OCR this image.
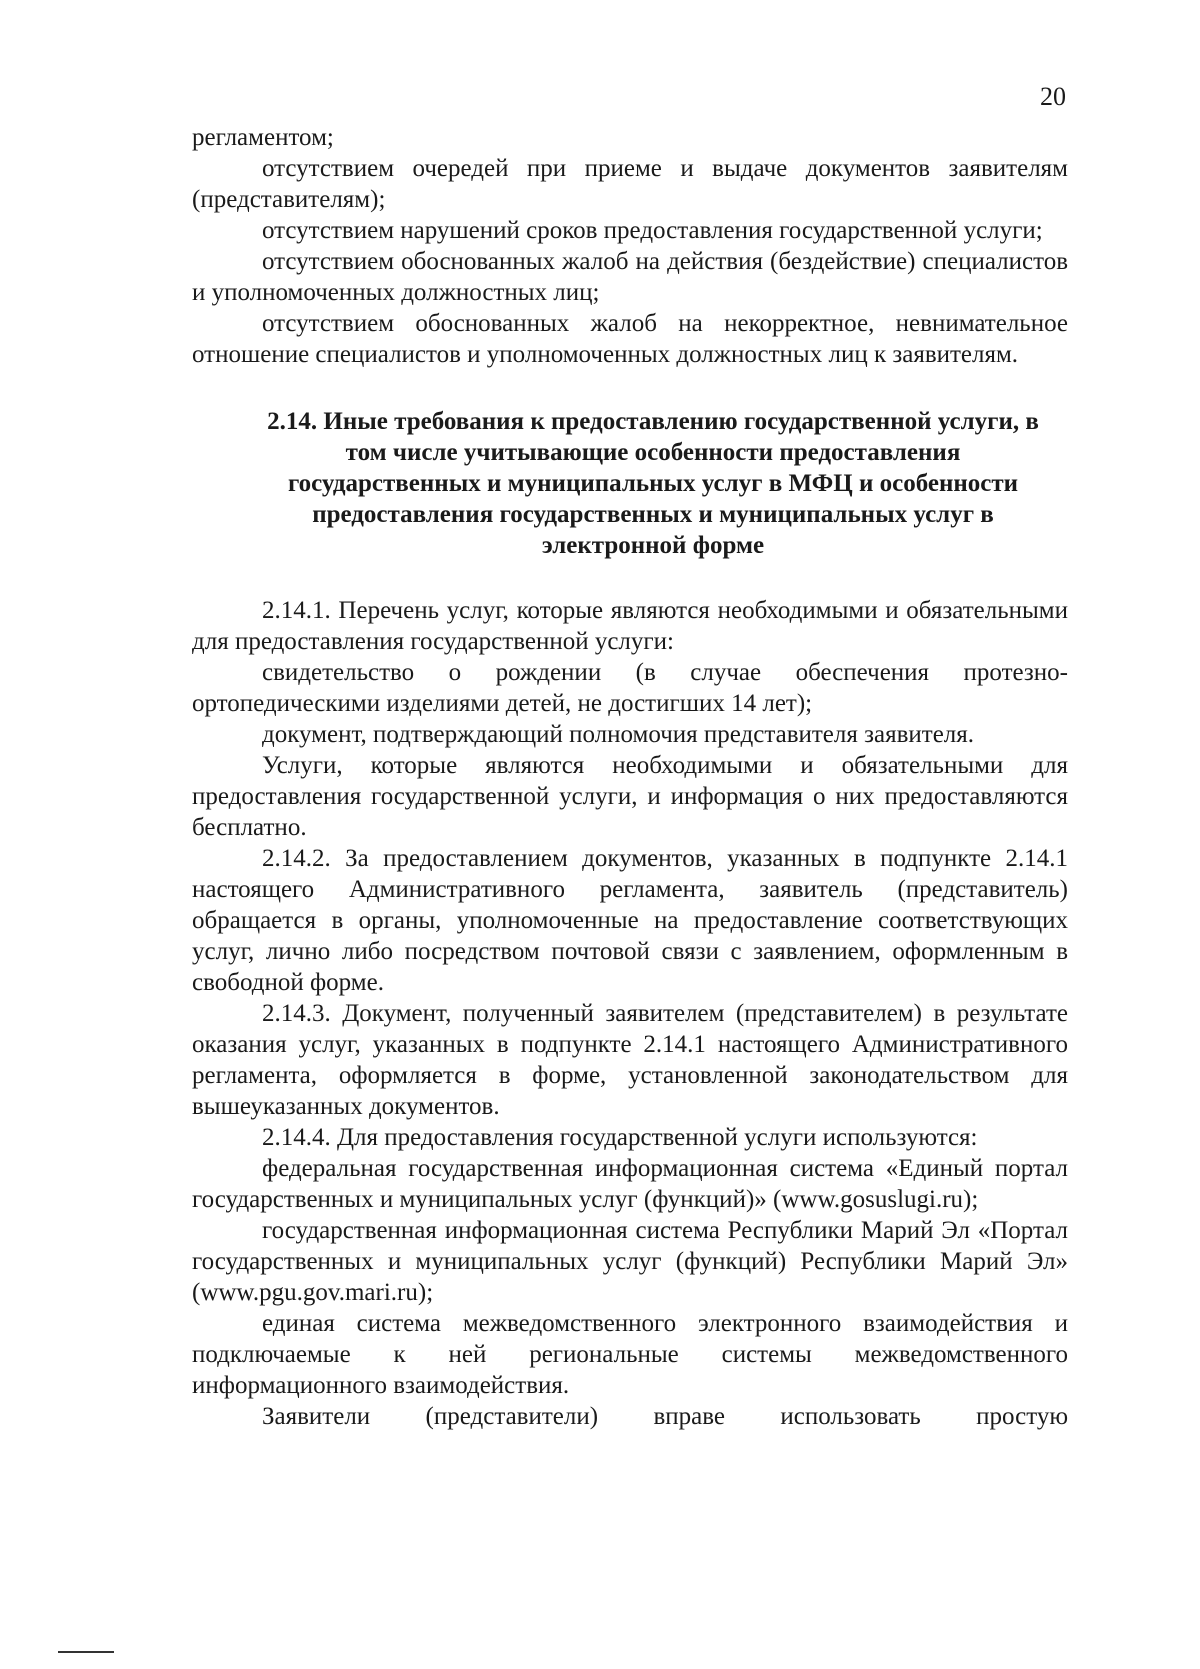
20

регламентом;

отсутствием очередей при приеме и выдаче документов заявителям (представителям);

отсутствием нарушений сроков предоставления государственной услуги;

отсутствием обоснованных жалоб на действия (бездействие) специалистов и уполномоченных должностных лиц;

отсутствием обоснованных жалоб на некорректное, невнимательное отношение специалистов и уполномоченных должностных лиц к заявителям.

2.14. Иные требования к предоставлению государственной услуги, в том числе учитывающие особенности предоставления государственных и муниципальных услуг в МФЦ и особенности предоставления государственных и муниципальных услуг в электронной форме

2.14.1. Перечень услуг, которые являются необходимыми и обязательными для предоставления государственной услуги:

свидетельство о рождении (в случае обеспечения протезно-ортопедическими изделиями детей, не достигших 14 лет);

документ, подтверждающий полномочия представителя заявителя.

Услуги, которые являются необходимыми и обязательными для предоставления государственной услуги, и информация о них предоставляются бесплатно.

2.14.2. За предоставлением документов, указанных в подпункте 2.14.1 настоящего Административного регламента, заявитель (представитель) обращается в органы, уполномоченные на предоставление соответствующих услуг, лично либо посредством почтовой связи с заявлением, оформленным в свободной форме.

2.14.3. Документ, полученный заявителем (представителем) в результате оказания услуг, указанных в подпункте 2.14.1 настоящего Административного регламента, оформляется в форме, установленной законодательством для вышеуказанных документов.

2.14.4. Для предоставления государственной услуги используются:

федеральная государственная информационная система «Единый портал государственных и муниципальных услуг (функций)» (www.gosuslugi.ru);

государственная информационная система Республики Марий Эл «Портал государственных и муниципальных услуг (функций) Республики Марий Эл» (www.pgu.gov.mari.ru);

единая система межведомственного электронного взаимодействия и подключаемые к ней региональные системы межведомственного информационного взаимодействия.

Заявители (представители) вправе использовать простую
